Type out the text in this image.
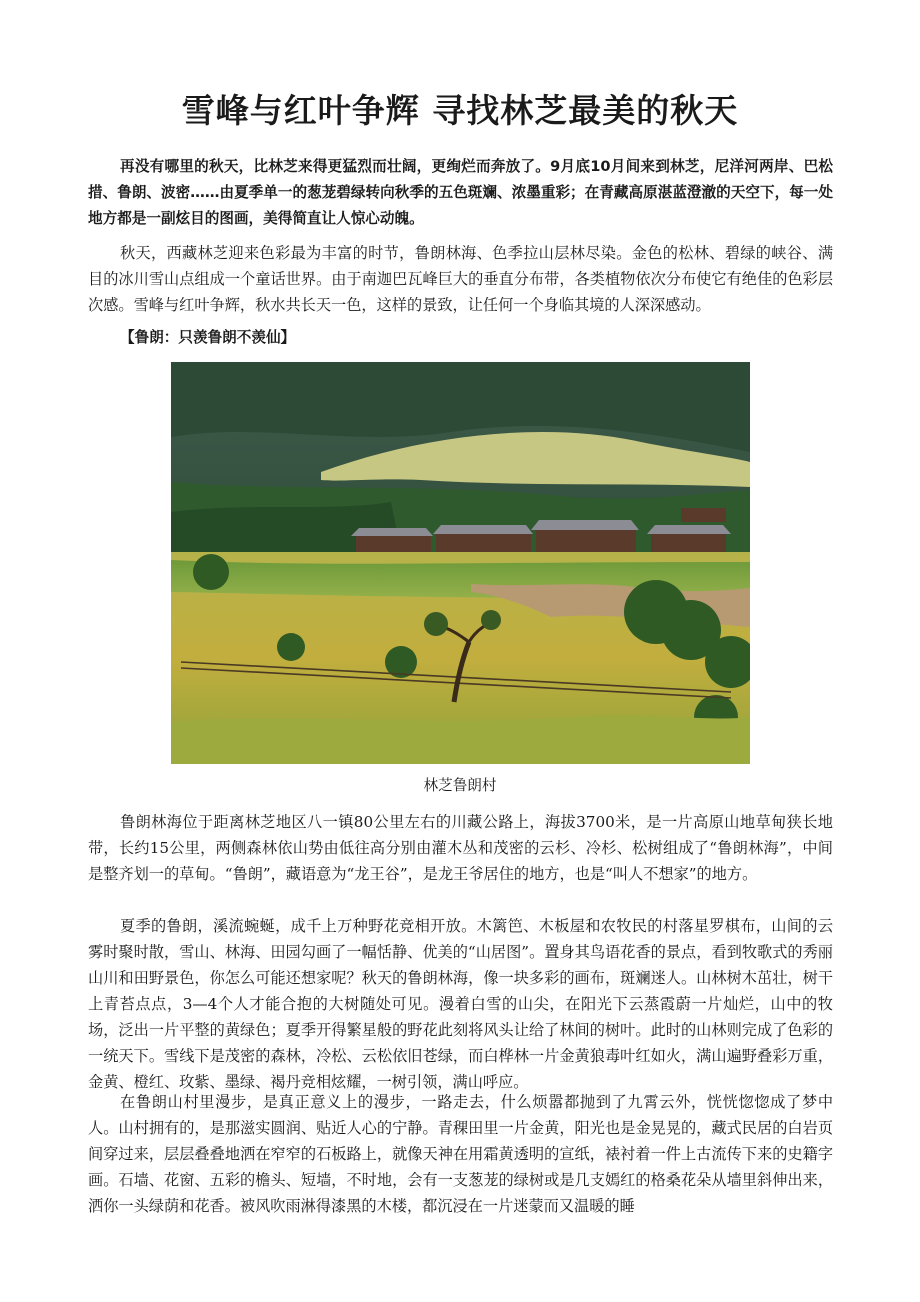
雪峰与红叶争辉 寻找林芝最美的秋天

再没有哪里的秋天，比林芝来得更猛烈而壮阔，更绚烂而奔放了。9月底10月间来到林芝，尼洋河两岸、巴松措、鲁朗、波密……由夏季单一的葱茏碧绿转向秋季的五色斑斓、浓墨重彩；在青藏高原湛蓝澄澈的天空下，每一处地方都是一副炫目的图画，美得简直让人惊心动魄。

秋天，西藏林芝迎来色彩最为丰富的时节，鲁朗林海、色季拉山层林尽染。金色的松林、碧绿的峡谷、满目的冰川雪山点组成一个童话世界。由于南迦巴瓦峰巨大的垂直分布带，各类植物依次分布使它有绝佳的色彩层次感。雪峰与红叶争辉，秋水共长天一色，这样的景致，让任何一个身临其境的人深深感动。

【鲁朗：只羡鲁朗不羡仙】

林芝鲁朗村

鲁朗林海位于距离林芝地区八一镇80公里左右的川藏公路上，海拔3700米，是一片高原山地草甸狭长地带，长约15公里，两侧森林依山势由低往高分别由灌木丛和茂密的云杉、冷杉、松树组成了“鲁朗林海”，中间是整齐划一的草甸。“鲁朗”，藏语意为“龙王谷”，是龙王爷居住的地方，也是“叫人不想家”的地方。

夏季的鲁朗，溪流蜿蜒，成千上万种野花竞相开放。木篱笆、木板屋和农牧民的村落星罗棋布，山间的云雾时聚时散，雪山、林海、田园勾画了一幅恬静、优美的“山居图”。置身其鸟语花香的景点，看到牧歌式的秀丽山川和田野景色，你怎么可能还想家呢？秋天的鲁朗林海，像一块多彩的画布，斑斓迷人。山林树木茁壮，树干上青苔点点，3—4个人才能合抱的大树随处可见。漫着白雪的山尖，在阳光下云蒸霞蔚一片灿烂，山中的牧场，泛出一片平整的黄绿色；夏季开得繁星般的野花此刻将风头让给了林间的树叶。此时的山林则完成了色彩的一统天下。雪线下是茂密的森林，冷松、云松依旧苍绿，而白桦林一片金黄狼毒叶红如火，满山遍野叠彩万重，金黄、橙红、玫紫、墨绿、褐丹竞相炫耀，一树引领，满山呼应。

在鲁朗山村里漫步，是真正意义上的漫步，一路走去，什么烦嚣都抛到了九霄云外，恍恍惚惚成了梦中人。山村拥有的，是那滋实圆润、贴近人心的宁静。青稞田里一片金黄，阳光也是金晃晃的，藏式民居的白岩页间穿过来，层层叠叠地洒在窄窄的石板路上，就像天神在用霜黄透明的宣纸，裱衬着一件上古流传下来的史籍字画。石墙、花窗、五彩的檐头、短墙，不时地，会有一支葱茏的绿树或是几支嫣红的格桑花朵从墙里斜伸出来，洒你一头绿荫和花香。被风吹雨淋得漆黑的木楼，都沉浸在一片迷蒙而又温暖的睡
